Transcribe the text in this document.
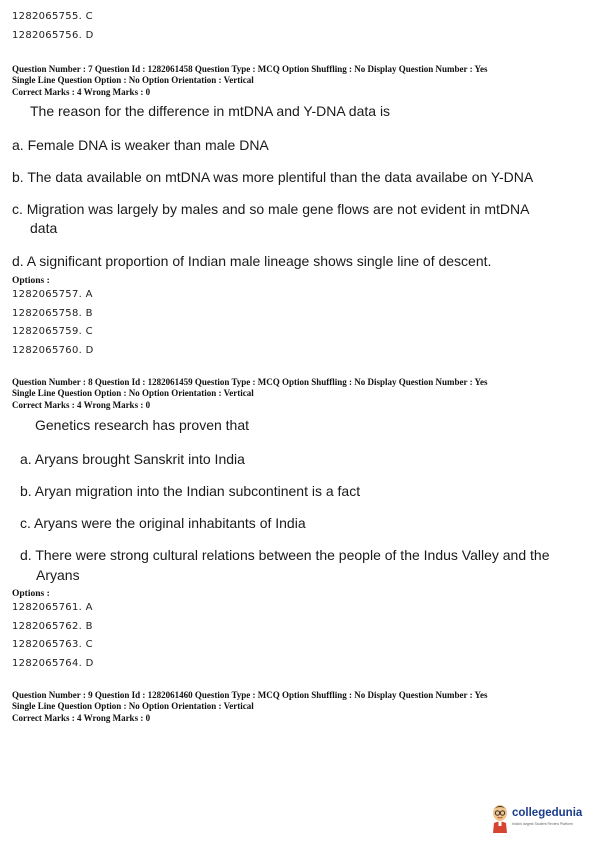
1282065755. C
1282065756. D
Question Number : 7 Question Id : 1282061458 Question Type : MCQ Option Shuffling : No Display Question Number : Yes
Single Line Question Option : No Option Orientation : Vertical
Correct Marks : 4 Wrong Marks : 0
The reason for the difference in mtDNA and Y-DNA data is
a. Female DNA is weaker than male DNA
b. The data available on mtDNA was more plentiful than the data availabe on Y-DNA
c. Migration was largely by males and so male gene flows are not evident in mtDNA
data
d. A significant proportion of Indian male lineage shows single line of descent.
Options :
1282065757. A
1282065758. B
1282065759. C
1282065760. D
Question Number : 8 Question Id : 1282061459 Question Type : MCQ Option Shuffling : No Display Question Number : Yes
Single Line Question Option : No Option Orientation : Vertical
Correct Marks : 4 Wrong Marks : 0
Genetics research has proven that
a. Aryans brought Sanskrit into India
b. Aryan migration into the Indian subcontinent is a fact
c. Aryans were the original inhabitants of India
d. There were strong cultural relations between the people of the Indus Valley and the
Aryans
Options :
1282065761. A
1282065762. B
1282065763. C
1282065764. D
Question Number : 9 Question Id : 1282061460 Question Type : MCQ Option Shuffling : No Display Question Number : Yes
Single Line Question Option : No Option Orientation : Vertical
Correct Marks : 4 Wrong Marks : 0
collegedunia
India's largest Student Review Platform
